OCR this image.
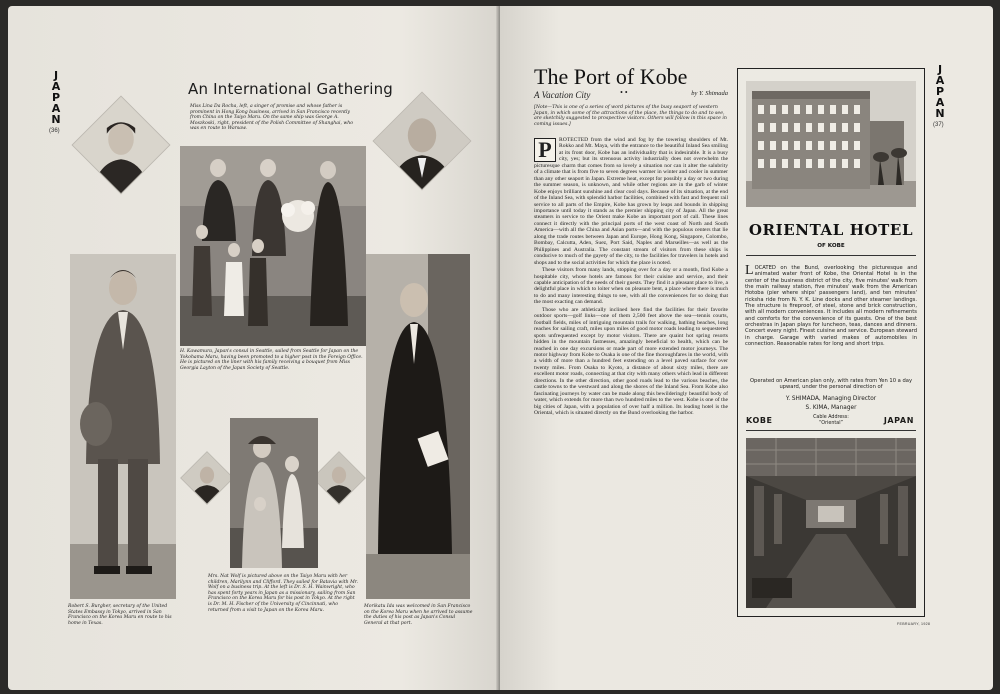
J
A
P
A
N
(36)
An International Gathering
Miss Lina Da Rocha, left, a singer of promise and whose father is prominent in Hong Kong business, arrived in San Francisco recently from China on the Taiyo Maru. On the same ship was George A. Moszkoski, right, president of the Polish Committee of Shanghai, who was en route to Warsaw.
H. Kawamura, Japan's consul in Seattle, sailed from Seattle for Japan on the Yokohama Maru, having been promoted to a higher post in the Foreign Office. He is pictured on the liner with his family receiving a bouquet from Miss Georgia Layton of the Japan Society of Seattle.
Robert S. Burgher, secretary of the United States Embassy in Tokyo, arrived in San Francisco on the Korea Maru en route to his home in Texas.
Morikatu Ida was welcomed in San Francisco on the Korea Maru when he arrived to assume the duties of his post as Japan's Consul General at that port.
Mrs. Nat Wolf is pictured above on the Taiyo Maru with her children, Marilynn and Clifford. They sailed for Batavia with Mr. Wolf on a business trip. At the left is Dr. S. H. Wainwright, who has spent forty years in Japan as a missionary, sailing from San Francisco on the Korea Maru for his post in Tokyo. At the right is Dr. M. H. Fischer of the University of Cincinnati, who returned from a visit to Japan on the Korea Maru.
J
A
P
A
N
(37)
The Port of Kobe
A Vacation City	• •	by Y. Shimada
[Note—This is one of a series of word pictures of the busy seaport of western Japan, in which some of the attractions of the place, the things to do and to see, are sketchily suggested to prospective visitors. Others will follow in this space in coming issues.]

P	ROTECTED from the wind and fog by the towering shoulders of Mt. Rokko and Mt. Maya, with the entrance to the beautiful Inland Sea smiling at its front door, Kobe has an individuality that is indesirable. It is a busy city, yes; but its strenuous activity industrially does not overwhelm the picturesque charm that comes from so lovely a situation nor can it alter the salubrity of a climate that is from five to seven degrees warmer in winter and cooler in summer than any other seaport in Japan. Extreme heat, except for possibly a day or two during the summer season, is unknown, and while other regions are in the garb of winter Kobe enjoys brilliant sunshine and clear cool days. Because of its situation, at the end of the Inland Sea, with splendid harbor facilities, combined with fast and frequent rail service to all parts of the Empire, Kobe has grown by leaps and bounds in shipping importance until today it stands as the premier shipping city of Japan. All the great steamers in service to the Orient make Kobe an important port of call. These lines connect it directly with the principal ports of the west coast of North and South America—with all the China and Asian ports—and with the populous centers that lie along the trade routes between Japan and Europe, Hong Kong, Singapore, Colombo, Bombay, Calcutta, Aden, Suez, Port Said, Naples and Marseilles—as well as the Philippines and Australia. The constant stream of visitors from these ships is conducive to much of the gayety of the city, to the facilities for travelers in hotels and shops and to the social activities for which the place is noted.

These visitors from many lands, stopping over for a day or a month, find Kobe a hospitable city, whose hotels are famous for their cuisine and service, and their capable anticipation of the needs of their guests. They find it a pleasant place to live, a delightful place in which to loiter when on pleasure bent, a place where there is much to do and many interesting things to see, with all the conveniences for so doing that the most exacting can demand.

Those who are athletically inclined here find the facilities for their favorite outdoor sports—golf links—one of them 2,500 feet above the sea—tennis courts, football fields, miles of intriguing mountain trails for walking, bathing beaches, long reaches for sailing craft, miles upon miles of good motor roads leading to sequestered spots unfrequented except by motor visitors. There are quaint hot spring resorts hidden in the mountain fastnesses, amazingly beneficial to health, which can be reached in one day excursions or made part of more extended motor journeys. The motor highway from Kobe to Osaka is one of the fine thoroughfares in the world, with a width of more than a hundred feet extending on a level paved surface for over twenty miles. From Osaka to Kyoto, a distance of about sixty miles, there are excellent motor roads, connecting at that city with many others which lead in different directions. In the other direction, other good roads lead to the various beaches, the castle towns to the westward and along the shores of the Inland Sea. From Kobe also fascinating journeys by water can be made along this bewilderingly beautiful body of water, which extends for more than two hundred miles to the west. Kobe is one of the big cities of Japan, with a population of over half a million. Its leading hotel is the Oriental, which is situated directly on the Bund overlooking the harbor.

ORIENTAL HOTEL
OF KOBE
LOCATED on the Bund, overlooking the picturesque and animated water front of Kobe, the Oriental Hotel is in the center of the business district of the city, five minutes' walk from the main railway station, five minutes' walk from the American Hotoba (pier where ships' passengers land), and ten minutes' ricksha ride from N. Y. K. Line docks and other steamer landings. The structure is fireproof, of steel, stone and brick construction, with all modern conveniences. It includes all modern refinements and comforts for the convenience of its guests. One of the best orchestras in Japan plays for luncheon, teas, dances and dinners. Concert every night. Finest cuisine and service. European steward in charge. Garage with varied makes of automobiles in connection. Reasonable rates for long and short trips.
Operated on American plan only, with rates from Yen 10 a day upward, under the personal direction of
Y. SHIMADA, Managing Director
S. KIMA, Manager
Cable Address:
“Oriental”
KOBE	JAPAN
FEBRUARY, 1928
